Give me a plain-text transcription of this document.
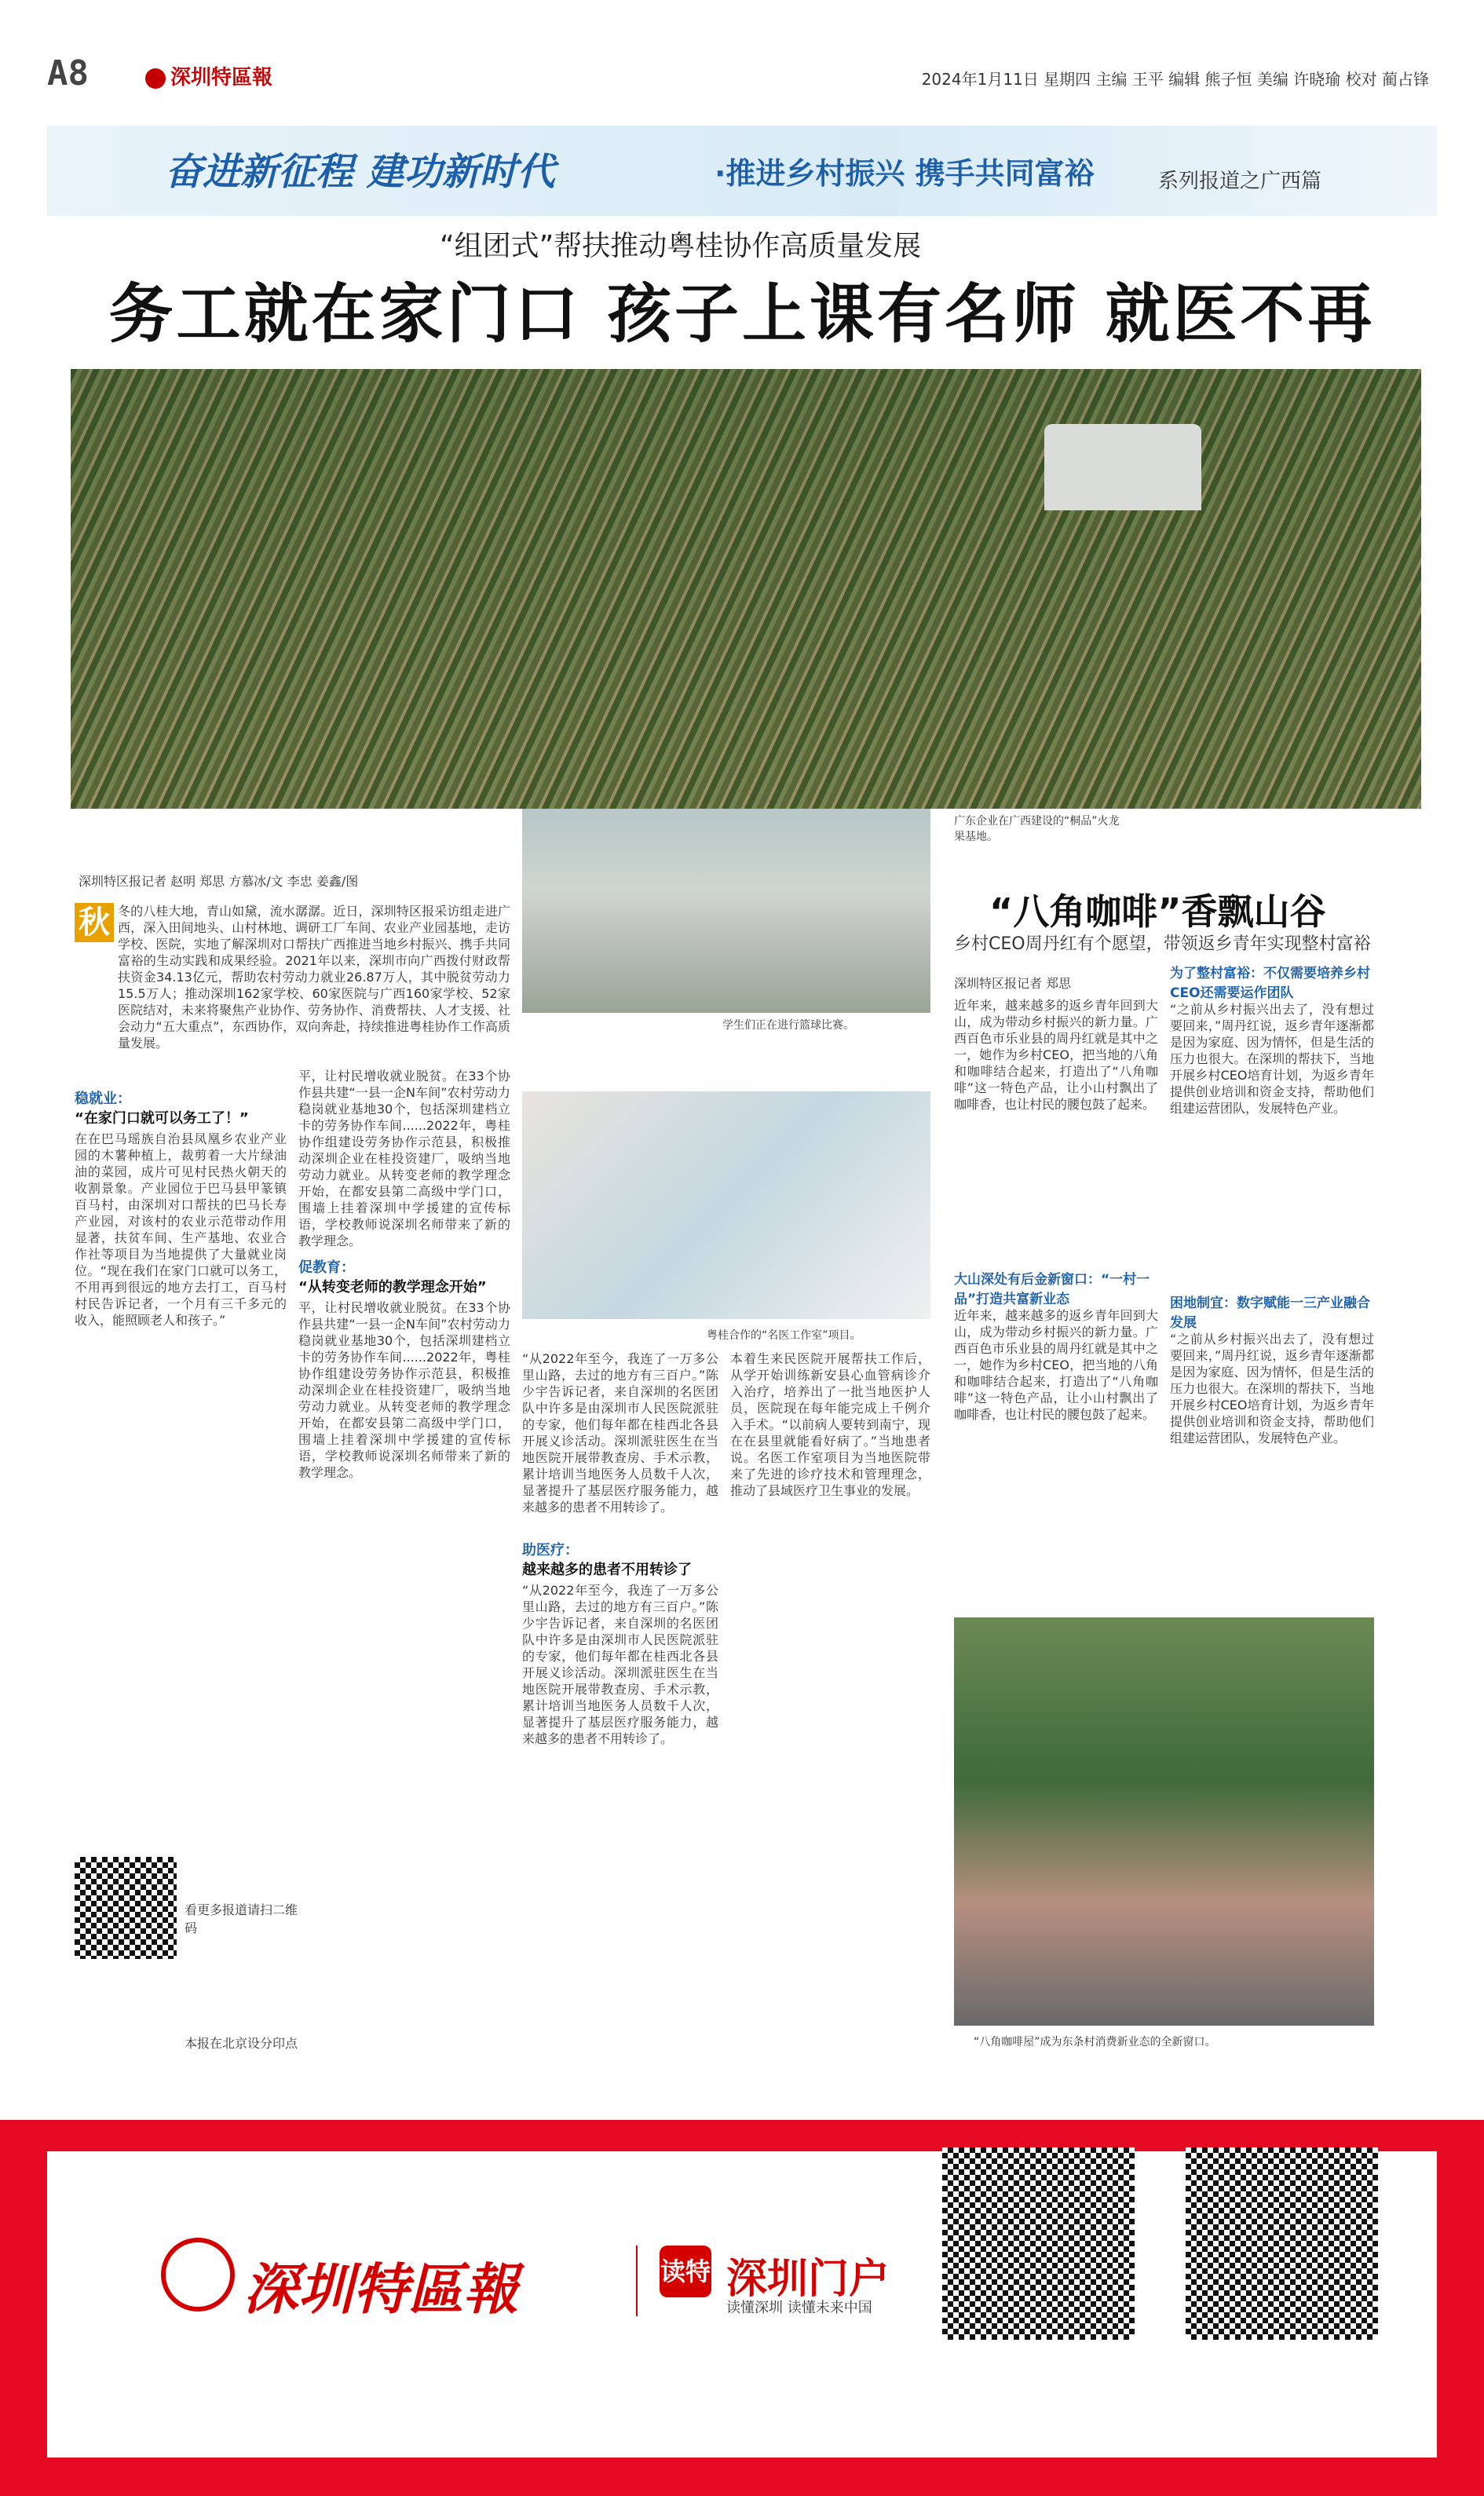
A8	深圳特區報	2024年1月11日 星期四 主编 王平 编辑 熊子恒 美编 许晓瑜 校对 蔺占锋
奋进新征程 建功新时代	·推进乡村振兴 携手共同富裕	系列报道之广西篇
“组团式”帮扶推动粤桂协作高质量发展
务工就在家门口 孩子上课有名师 就医不再
广东企业在广西建设的“桐品”火龙果基地。
深圳特区报记者 赵明 郑思 方慕冰/文 李忠 姜鑫/图
秋 冬的八桂大地，青山如黛，流水潺潺。近日，深圳特区报采访组走进广西，深入田间地头、山村林地、调研工厂车间、农业产业园基地，走访学校、医院，实地了解深圳对口帮扶广西推进当地乡村振兴、携手共同富裕的生动实践和成果经验。2021年以来，深圳市向广西拨付财政帮扶资金34.13亿元，帮助农村劳动力就业26.87万人，其中脱贫劳动力15.5万人；推动深圳162家学校、60家医院与广西160家学校、52家医院结对，未来将聚焦产业协作、劳务协作、消费帮扶、人才支援、社会动力“五大重点”，东西协作，双向奔赴，持续推进粤桂协作工作高质量发展。
学生们正在进行篮球比赛。
粤桂合作的“名医工作室”项目。
稳就业：
“在家门口就可以务工了！”
促教育：
“从转变老师的教学理念开始”
助医疗：
越来越多的患者不用转诊了
在在巴马瑶族自治县凤凰乡农业产业园的木薯种植上，裁剪着一大片绿油油的菜园，成片可见村民热火朝天的收割景象。产业园位于巴马县甲篆镇百马村，由深圳对口帮扶的巴马长寿产业园，对该村的农业示范带动作用显著，扶贫车间、生产基地、农业合作社等项目为当地提供了大量就业岗位。“现在我们在家门口就可以务工，不用再到很远的地方去打工，百马村村民告诉记者，一个月有三千多元的收入，能照顾老人和孩子。”
平，让村民增收就业脱贫。在33个协作县共建“一县一企N车间”农村劳动力稳岗就业基地30个，包括深圳建档立卡的劳务协作车间......2022年，粤桂协作组建设劳务协作示范县，积极推动深圳企业在桂投资建厂，吸纳当地劳动力就业。从转变老师的教学理念开始，在都安县第二高级中学门口，围墙上挂着深圳中学援建的宣传标语，学校教师说深圳名师带来了新的教学理念。
平，让村民增收就业脱贫。在33个协作县共建“一县一企N车间”农村劳动力稳岗就业基地30个，包括深圳建档立卡的劳务协作车间......2022年，粤桂协作组建设劳务协作示范县，积极推动深圳企业在桂投资建厂，吸纳当地劳动力就业。从转变老师的教学理念开始，在都安县第二高级中学门口，围墙上挂着深圳中学援建的宣传标语，学校教师说深圳名师带来了新的教学理念。
“从2022年至今，我连了一万多公里山路，去过的地方有三百户。”陈少宇告诉记者，来自深圳的名医团队中许多是由深圳市人民医院派驻的专家，他们每年都在桂西北各县开展义诊活动。深圳派驻医生在当地医院开展带教查房、手术示教，累计培训当地医务人员数千人次，显著提升了基层医疗服务能力，越来越多的患者不用转诊了。
“从2022年至今，我连了一万多公里山路，去过的地方有三百户。”陈少宇告诉记者，来自深圳的名医团队中许多是由深圳市人民医院派驻的专家，他们每年都在桂西北各县开展义诊活动。深圳派驻医生在当地医院开展带教查房、手术示教，累计培训当地医务人员数千人次，显著提升了基层医疗服务能力，越来越多的患者不用转诊了。
本着生来民医院开展帮扶工作后，从学开始训练新安县心血管病诊介入治疗，培养出了一批当地医护人员，医院现在每年能完成上千例介入手术。“以前病人要转到南宁，现在在县里就能看好病了。”当地患者说。名医工作室项目为当地医院带来了先进的诊疗技术和管理理念，推动了县域医疗卫生事业的发展。
看更多报道请扫二维码
本报在北京设分印点
“八角咖啡”香飘山谷
乡村CEO周丹红有个愿望，带领返乡青年实现整村富裕
深圳特区报记者 郑思
近年来，越来越多的返乡青年回到大山，成为带动乡村振兴的新力量。广西百色市乐业县的周丹红就是其中之一，她作为乡村CEO，把当地的八角和咖啡结合起来，打造出了“八角咖啡”这一特色产品，让小山村飘出了咖啡香，也让村民的腰包鼓了起来。
大山深处有后金新窗口：“一村一品”打造共富新业态
近年来，越来越多的返乡青年回到大山，成为带动乡村振兴的新力量。广西百色市乐业县的周丹红就是其中之一，她作为乡村CEO，把当地的八角和咖啡结合起来，打造出了“八角咖啡”这一特色产品，让小山村飘出了咖啡香，也让村民的腰包鼓了起来。
为了整村富裕：不仅需要培养乡村CEO还需要运作团队
“之前从乡村振兴出去了，没有想过要回来，”周丹红说，返乡青年逐渐都是因为家庭、因为情怀，但是生活的压力也很大。在深圳的帮扶下，当地开展乡村CEO培育计划，为返乡青年提供创业培训和资金支持，帮助他们组建运营团队，发展特色产业。
困地制宜：数字赋能一三产业融合发展
“之前从乡村振兴出去了，没有想过要回来，”周丹红说，返乡青年逐渐都是因为家庭、因为情怀，但是生活的压力也很大。在深圳的帮扶下，当地开展乡村CEO培育计划，为返乡青年提供创业培训和资金支持，帮助他们组建运营团队，发展特色产业。
“八角咖啡屋”成为东条村消费新业态的全新窗口。
深圳特區報	读特 深圳门户
读懂深圳 读懂未来中国
